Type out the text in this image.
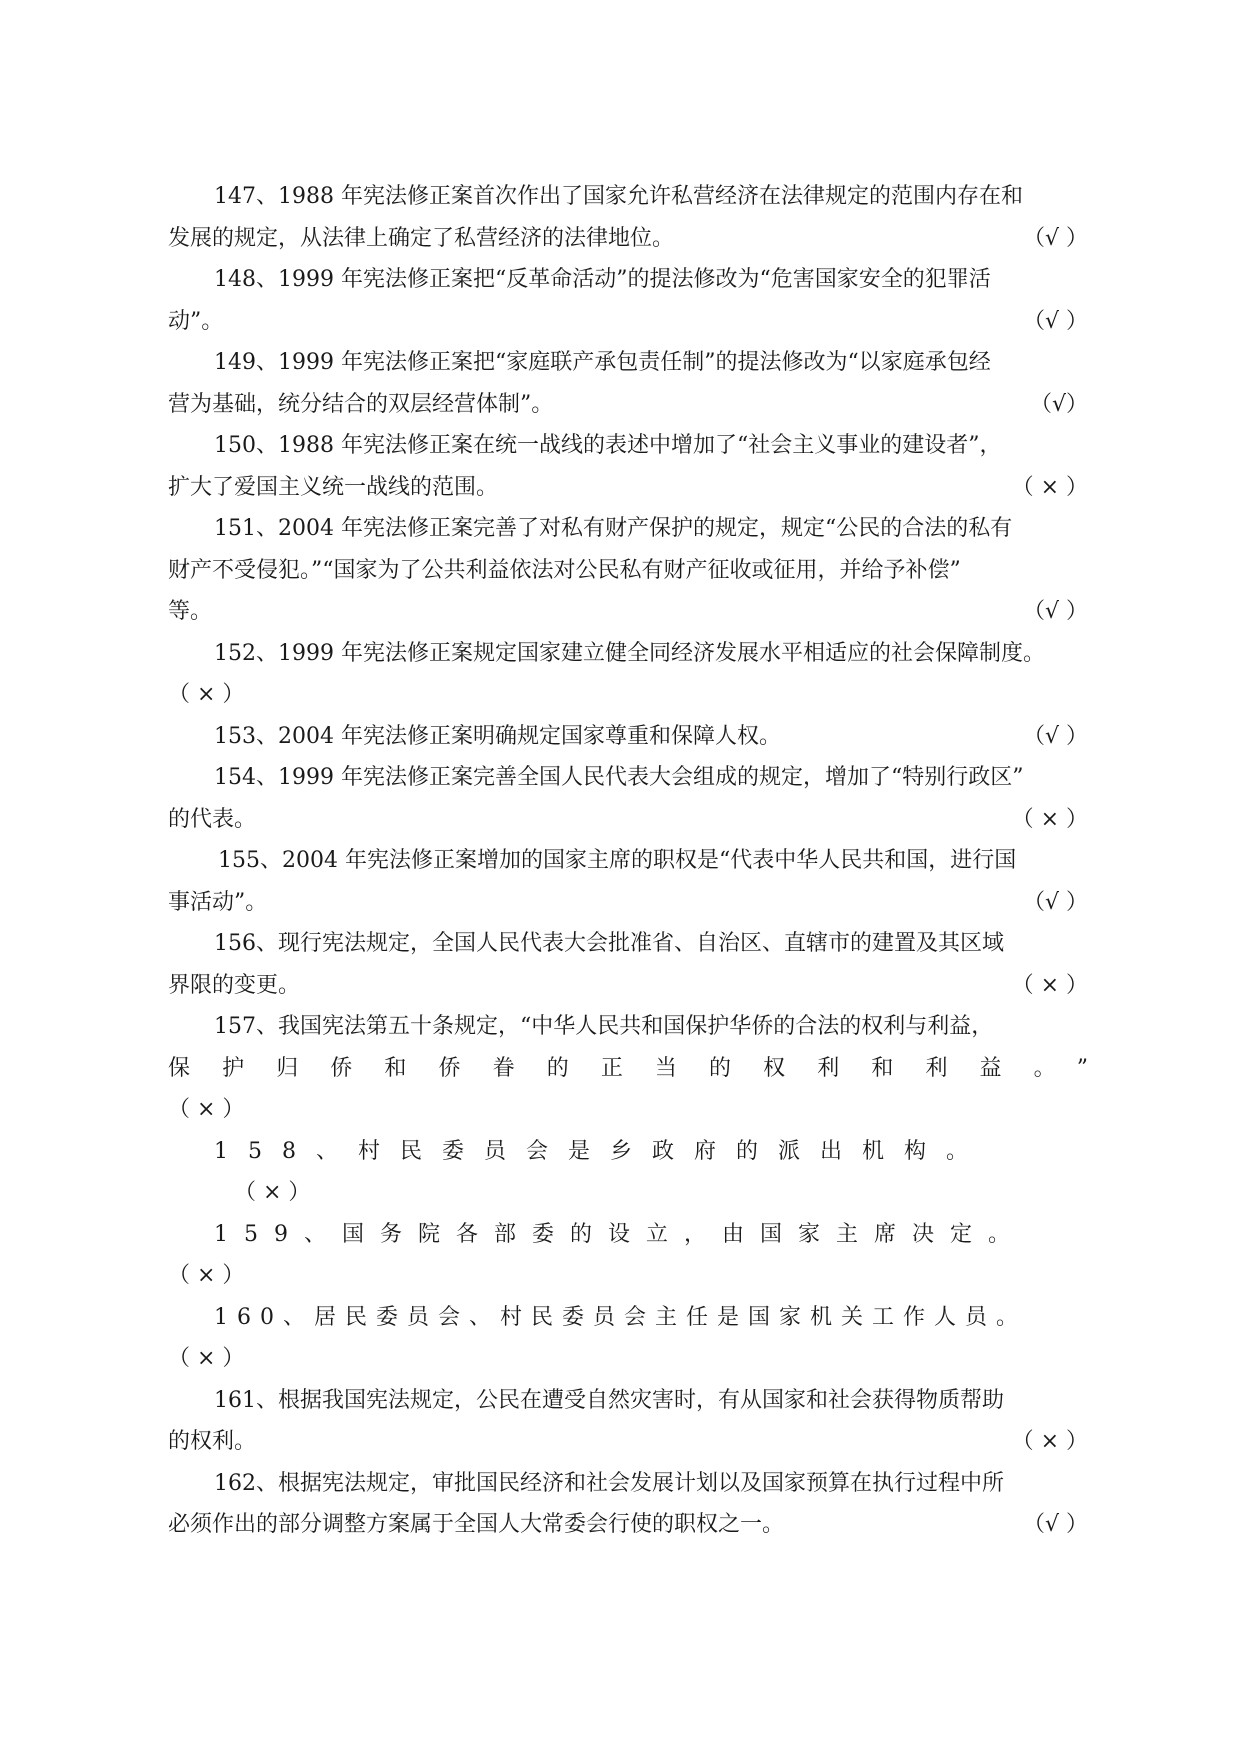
147、1988 年宪法修正案首次作出了国家允许私营经济在法律规定的范围内存在和
发展的规定，从法律上确定了私营经济的法律地位。	（√ ）
148、1999 年宪法修正案把“反革命活动”的提法修改为“危害国家安全的犯罪活
动”。	（√ ）
149、1999 年宪法修正案把“家庭联产承包责任制”的提法修改为“以家庭承包经
营为基础，统分结合的双层经营体制”。	（√）
150、1988 年宪法修正案在统一战线的表述中增加了“社会主义事业的建设者”，
扩大了爱国主义统一战线的范围。	（ × ）
151、2004 年宪法修正案完善了对私有财产保护的规定，规定“公民的合法的私有
财产不受侵犯。”“国家为了公共利益依法对公民私有财产征收或征用，并给予补偿”
等。	（√ ）
152、1999 年宪法修正案规定国家建立健全同经济发展水平相适应的社会保障制度。
（ × ）
153、2004 年宪法修正案明确规定国家尊重和保障人权。	（√ ）
154、1999 年宪法修正案完善全国人民代表大会组成的规定，增加了“特别行政区”
的代表。	（ × ）
155、2004 年宪法修正案增加的国家主席的职权是“代表中华人民共和国，进行国
事活动”。	（√ ）
156、现行宪法规定，全国人民代表大会批准省、自治区、直辖市的建置及其区域
界限的变更。	（ × ）
157、我国宪法第五十条规定，“中华人民共和国保护华侨的合法的权利与利益，
保护归侨和侨眷的正当的权利和利益。”
（ × ）
158、村民委员会是乡政府的派出机构。
（ × ）
159、国务院各部委的设立，由国家主席决定。
（ × ）
160、居民委员会、村民委员会主任是国家机关工作人员。
（ × ）
161、根据我国宪法规定，公民在遭受自然灾害时，有从国家和社会获得物质帮助
的权利。	（ × ）
162、根据宪法规定，审批国民经济和社会发展计划以及国家预算在执行过程中所
必须作出的部分调整方案属于全国人大常委会行使的职权之一。	（√ ）
